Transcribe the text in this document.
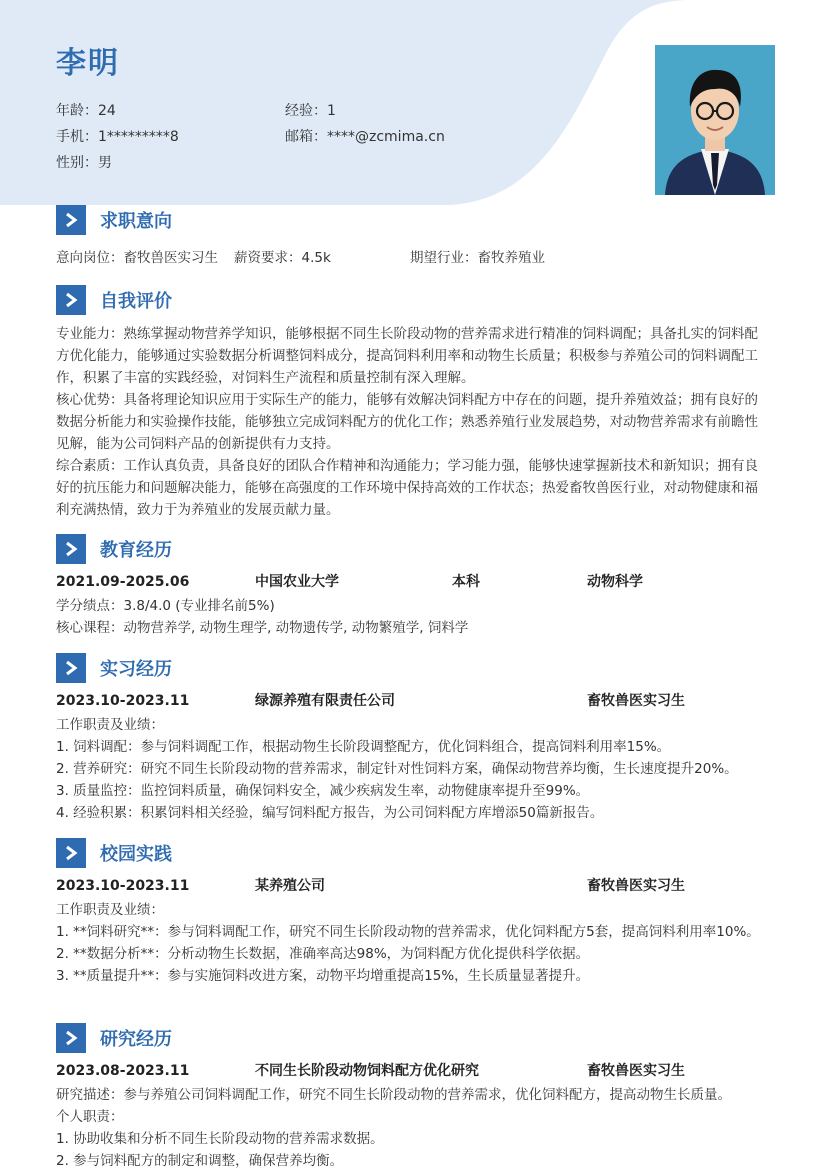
李明
年龄：24	经验：1
手机：1*********8	邮箱：****@zcmima.cn
性别：男
求职意向
意向岗位：畜牧兽医实习生 薪资要求：4.5k	期望行业：畜牧养殖业
自我评价

专业能力：熟练掌握动物营养学知识，能够根据不同生长阶段动物的营养需求进行精准的饲料调配；具备扎实的饲料配方优化能力，能够通过实验数据分析调整饲料成分，提高饲料利用率和动物生长质量；积极参与养殖公司的饲料调配工作，积累了丰富的实践经验，对饲料生产流程和质量控制有深入理解。

核心优势：具备将理论知识应用于实际生产的能力，能够有效解决饲料配方中存在的问题，提升养殖效益；拥有良好的数据分析能力和实验操作技能，能够独立完成饲料配方的优化工作；熟悉养殖行业发展趋势，对动物营养需求有前瞻性见解，能为公司饲料产品的创新提供有力支持。

综合素质：工作认真负责，具备良好的团队合作精神和沟通能力；学习能力强，能够快速掌握新技术和新知识；拥有良好的抗压能力和问题解决能力，能够在高强度的工作环境中保持高效的工作状态；热爱畜牧兽医行业，对动物健康和福利充满热情，致力于为养殖业的发展贡献力量。

教育经历
2021.09-2025.06	中国农业大学	本科	动物科学

学分绩点：3.8/4.0 (专业排名前5%)

核心课程：动物营养学, 动物生理学, 动物遗传学, 动物繁殖学, 饲料学

实习经历
2023.10-2023.11	绿源养殖有限责任公司	畜牧兽医实习生

工作职责及业绩：

1. 饲料调配：参与饲料调配工作，根据动物生长阶段调整配方，优化饲料组合，提高饲料利用率15%。

2. 营养研究：研究不同生长阶段动物的营养需求，制定针对性饲料方案，确保动物营养均衡，生长速度提升20%。

3. 质量监控：监控饲料质量，确保饲料安全，减少疾病发生率，动物健康率提升至99%。

4. 经验积累：积累饲料相关经验，编写饲料配方报告，为公司饲料配方库增添50篇新报告。

校园实践
2023.10-2023.11	某养殖公司	畜牧兽医实习生

工作职责及业绩：

1. **饲料研究**：参与饲料调配工作，研究不同生长阶段动物的营养需求，优化饲料配方5套，提高饲料利用率10%。

2. **数据分析**：分析动物生长数据，准确率高达98%，为饲料配方优化提供科学依据。

3. **质量提升**：参与实施饲料改进方案，动物平均增重提高15%，生长质量显著提升。

研究经历
2023.08-2023.11	不同生长阶段动物饲料配方优化研究	畜牧兽医实习生

研究描述：参与养殖公司饲料调配工作，研究不同生长阶段动物的营养需求，优化饲料配方，提高动物生长质量。

个人职责：

1. 协助收集和分析不同生长阶段动物的营养需求数据。

2. 参与饲料配方的制定和调整，确保营养均衡。
